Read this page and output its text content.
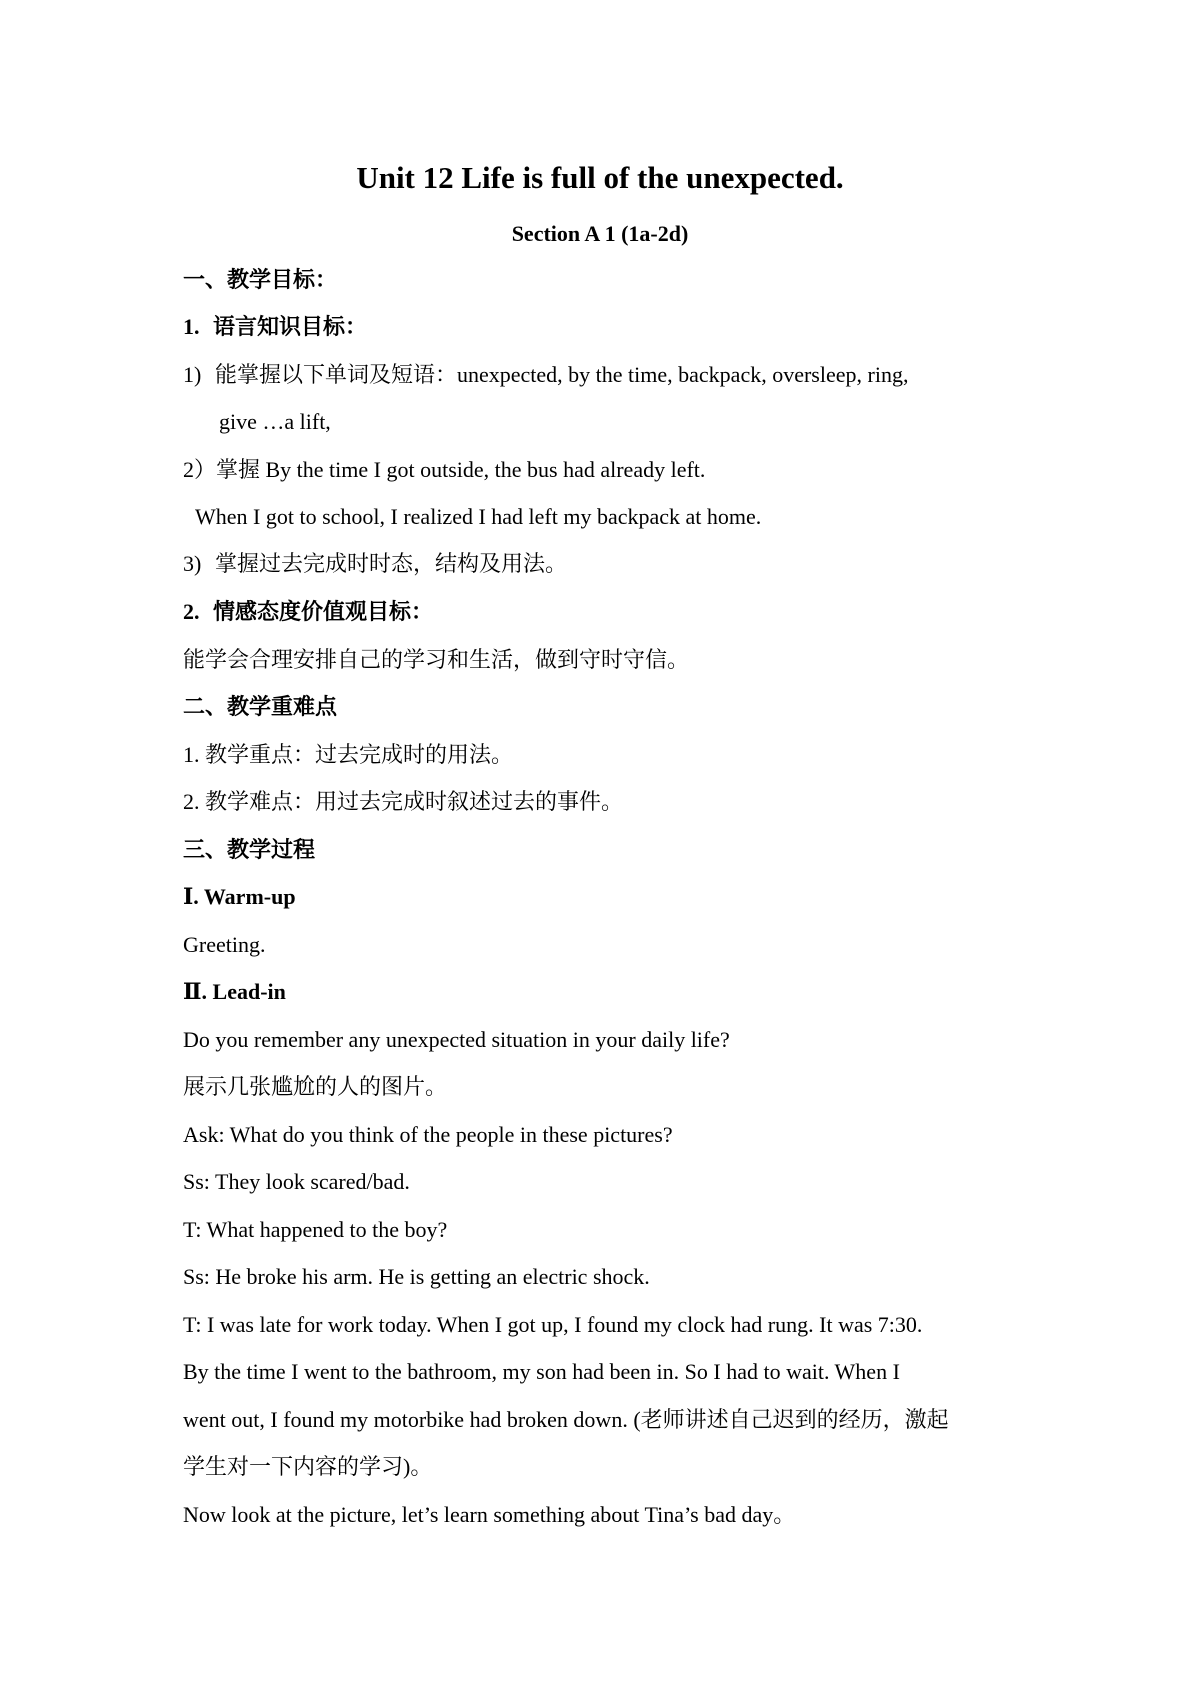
Unit 12 Life is full of the unexpected.
Section A 1 (1a-2d)
一、教学目标：
1. 语言知识目标：
1) 能掌握以下单词及短语：unexpected, by the time, backpack, oversleep, ring,
give …a lift,
2）掌握 By the time I got outside, the bus had already left.
When I got to school, I realized I had left my backpack at home.
3) 掌握过去完成时时态，结构及用法。
2. 情感态度价值观目标：
能学会合理安排自己的学习和生活，做到守时守信。
二、教学重难点
1. 教学重点：过去完成时的用法。
2. 教学难点：用过去完成时叙述过去的事件。
三、教学过程
Ⅰ. Warm-up
Greeting.
Ⅱ. Lead-in
Do you remember any unexpected situation in your daily life?
展示几张尴尬的人的图片。
Ask: What do you think of the people in these pictures?
Ss: They look scared/bad.
T: What happened to the boy?
Ss: He broke his arm. He is getting an electric shock.
T: I was late for work today. When I got up, I found my clock had rung. It was 7:30.
By the time I went to the bathroom, my son had been in. So I had to wait. When I
went out, I found my motorbike had broken down. (老师讲述自己迟到的经历，激起
学生对一下内容的学习)。
Now look at the picture, let’s learn something about Tina’s bad day。
